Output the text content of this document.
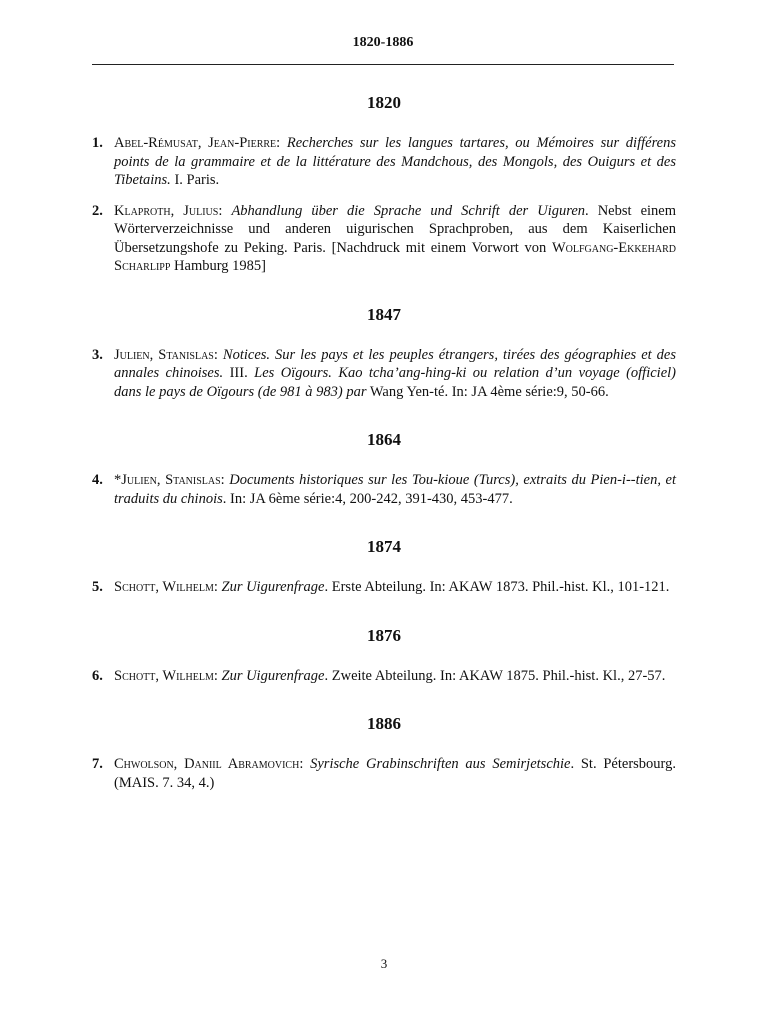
1820-1886
1820
1. Abel-Rémusat, Jean-Pierre: Recherches sur les langues tartares, ou Mémoires sur différens points de la grammaire et de la littérature des Mandchous, des Mongols, des Ouigurs et des Tibetains. I. Paris.
2. Klaproth, Julius: Abhandlung über die Sprache und Schrift der Uiguren. Nebst einem Wörterverzeichnisse und anderen uigurischen Sprachproben, aus dem Kaiserlichen Übersetzungshofe zu Peking. Paris. [Nachdruck mit einem Vorwort von Wolfgang-Ekkehard Scharlipp Hamburg 1985]
1847
3. Julien, Stanislas: Notices. Sur les pays et les peuples étrangers, tirées des géographies et des annales chinoises. III. Les Oïgours. Kao tcha’ang-hing-ki ou relation d’un voyage (officiel) dans le pays de Oïgours (de 981 à 983) par Wang Yen-té. In: JA 4ème série:9, 50-66.
1864
4. *Julien, Stanislas: Documents historiques sur les Tou-kioue (Turcs), extraits du Pien-i--tien, et traduits du chinois. In: JA 6ème série:4, 200-242, 391-430, 453-477.
1874
5. Schott, Wilhelm: Zur Uigurenfrage. Erste Abteilung. In: AKAW 1873. Phil.-hist. Kl., 101-121.
1876
6. Schott, Wilhelm: Zur Uigurenfrage. Zweite Abteilung. In: AKAW 1875. Phil.-hist. Kl., 27-57.
1886
7. Chwolson, Daniil Abramovich: Syrische Grabinschriften aus Semirjetschie. St. Pétersbourg. (MAIS. 7. 34, 4.)
3
